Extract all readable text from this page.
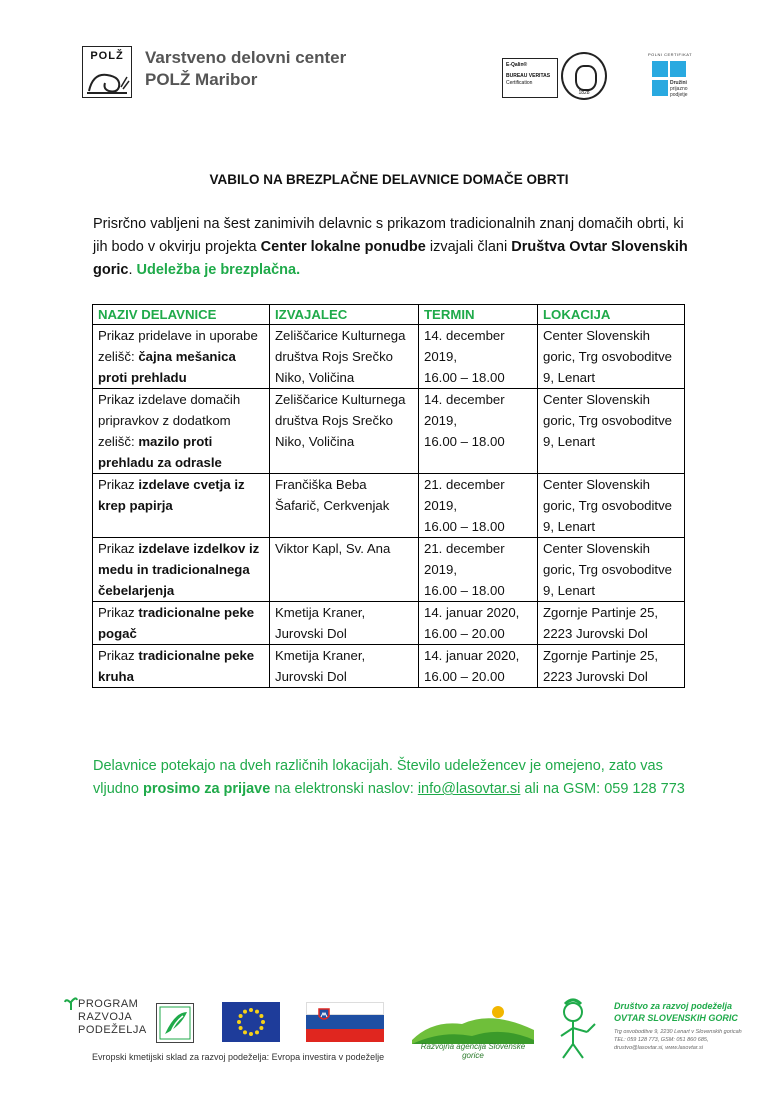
POLŽ	Varstveno delovni center
POLŽ Maribor
E-Qalin®
BUREAU VERITAS
Certification
1828
POLNI CERTIFIKAT
Družini
prijazno
podjetje
VABILO NA BREZPLAČNE DELAVNICE DOMAČE OBRTI
Prisrčno vabljeni na šest zanimivih delavnic s prikazom tradicionalnih znanj domačih obrti, ki jih bodo v okvirju projekta Center lokalne ponudbe izvajali člani Društva Ovtar Slovenskih goric. Udeležba je brezplačna.
NAZIV DELAVNICE	IZVAJALEC	TERMIN	LOKACIJA
Prikaz pridelave in uporabe zelišč: čajna mešanica proti prehladu	Zeliščarice Kulturnega društva Rojs Srečko Niko, Voličina	14. december 2019,
16.00 – 18.00	Center Slovenskih goric, Trg osvoboditve 9, Lenart
Prikaz izdelave domačih pripravkov z dodatkom zelišč: mazilo proti prehladu za odrasle	Zeliščarice Kulturnega društva Rojs Srečko Niko, Voličina	14. december 2019,
16.00 – 18.00	Center Slovenskih goric, Trg osvoboditve 9, Lenart
Prikaz izdelave cvetja iz krep papirja	Frančiška Beba Šafarič, Cerkvenjak	21. december 2019,
16.00 – 18.00	Center Slovenskih goric, Trg osvoboditve 9, Lenart
Prikaz izdelave izdelkov iz medu in tradicionalnega čebelarjenja	Viktor Kapl, Sv. Ana	21. december 2019,
16.00 – 18.00	Center Slovenskih goric, Trg osvoboditve 9, Lenart
Prikaz tradicionalne peke pogač	Kmetija Kraner, Jurovski Dol	14. januar 2020,
16.00 – 20.00	Zgornje Partinje 25, 2223 Jurovski Dol
Prikaz tradicionalne peke kruha	Kmetija Kraner, Jurovski Dol	14. januar 2020,
16.00 – 20.00	Zgornje Partinje 25, 2223 Jurovski Dol
Delavnice potekajo na dveh različnih lokacijah. Število udeležencev je omejeno, zato vas vljudno prosimo za prijave na elektronski naslov: info@lasovtar.si ali na GSM: 059 128 773
PROGRAM
RAZVOJA
PODEŽELJA
Evropski kmetijski sklad za razvoj podeželja: Evropa investira v podeželje
Razvojna agencija Slovenske gorice
Društvo za razvoj podeželja
OVTAR SLOVENSKIH GORIC
Trg osvoboditve 9, 2230 Lenart v Slovenskih goricah
TEL: 059 128 773, GSM: 051 860 685,
drustvo@lasovtar.si, www.lasovtar.si
